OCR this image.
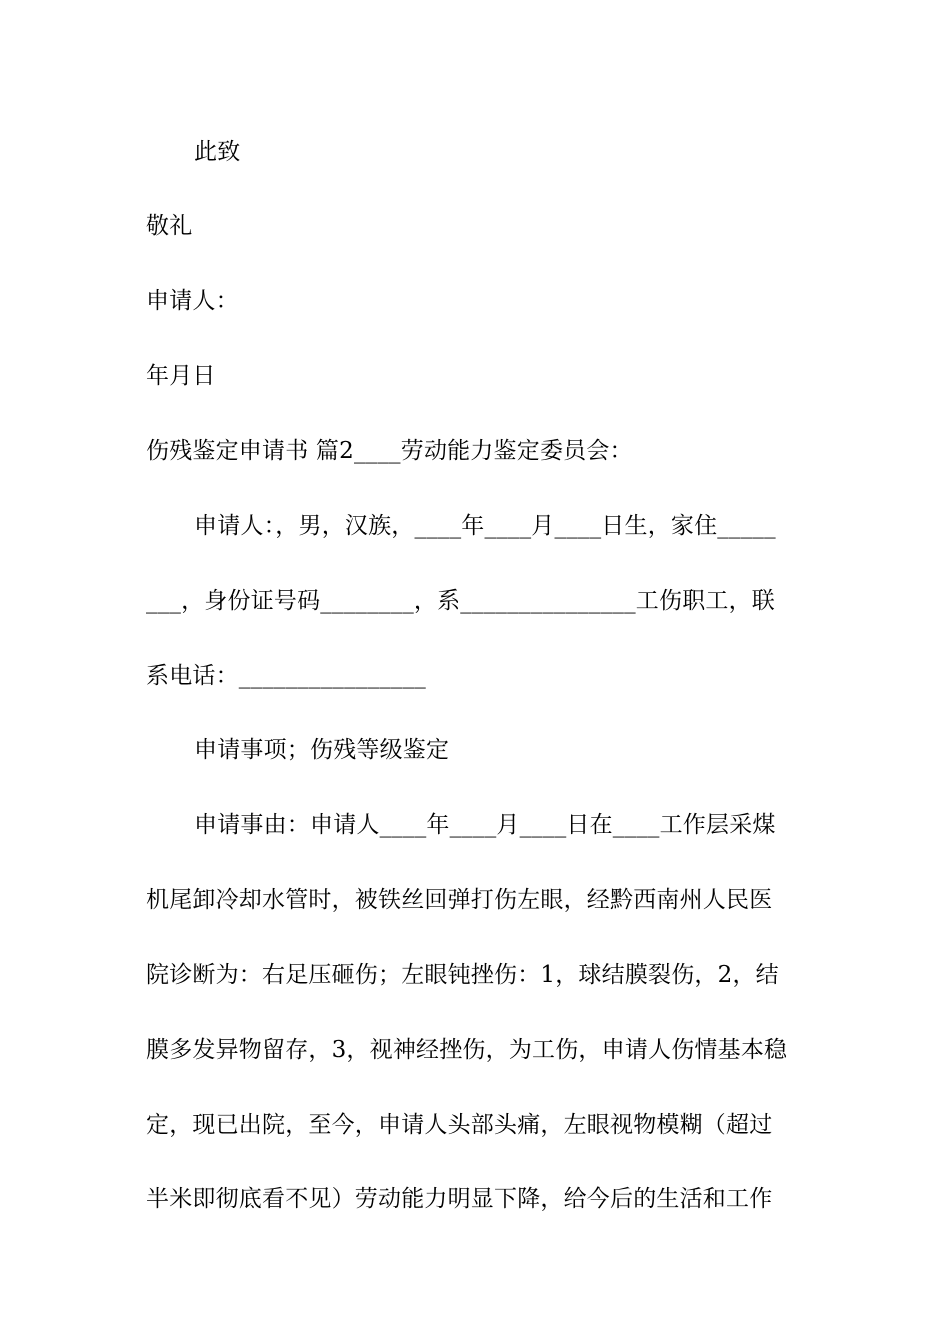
此致
敬礼
申请人：
年月日
伤残鉴定申请书 篇2____劳动能力鉴定委员会：
申请人：，男，汉族，____年____月____日生，家住_____
___，身份证号码________，系_______________工伤职工，联
系电话：________________
申请事项；伤残等级鉴定
申请事由：申请人____年____月____日在____工作层采煤
机尾卸冷却水管时，被铁丝回弹打伤左眼，经黔西南州人民医
院诊断为：右足压砸伤；左眼钝挫伤：1，球结膜裂伤，2，结
膜多发异物留存，3，视神经挫伤，为工伤，申请人伤情基本稳
定，现已出院，至今，申请人头部头痛，左眼视物模糊（超过
半米即彻底看不见）劳动能力明显下降，给今后的生活和工作
